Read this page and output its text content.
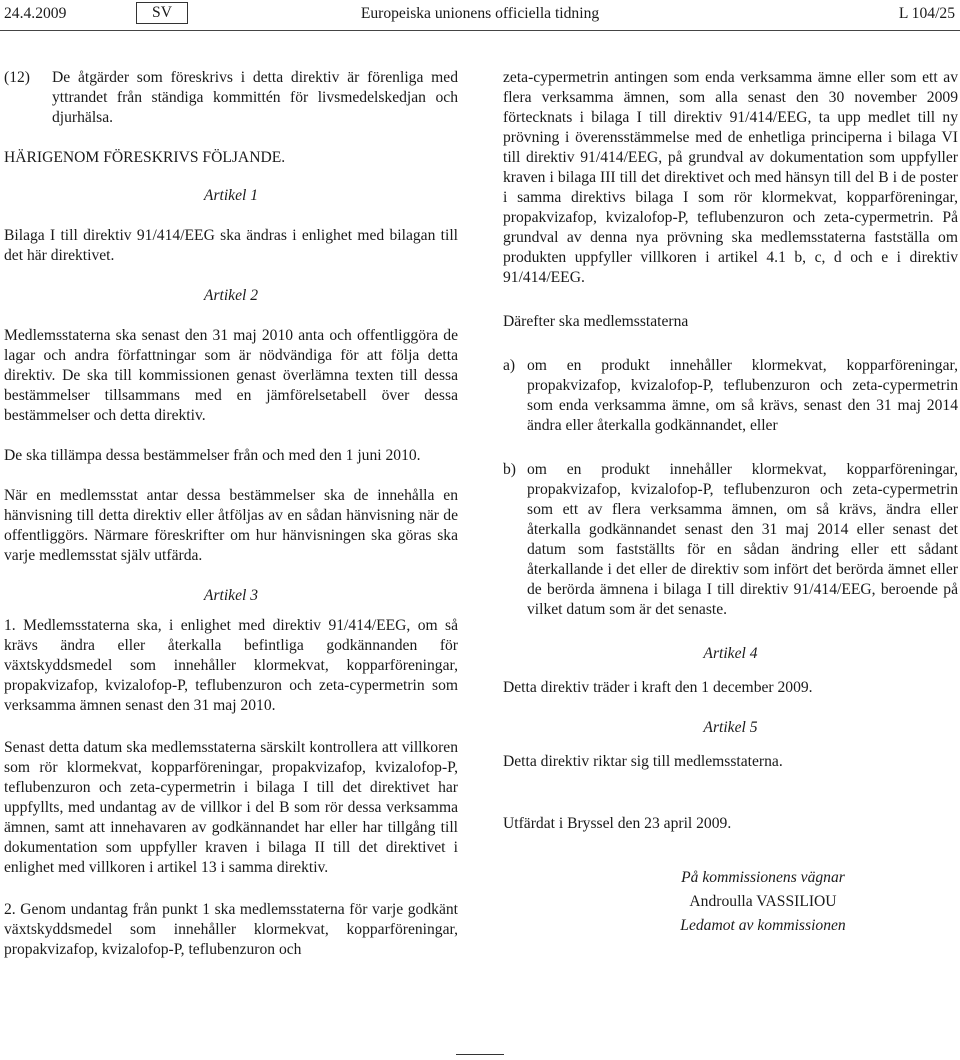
24.4.2009	SV	Europeiska unionens officiella tidning	L 104/25
(12) De åtgärder som föreskrivs i detta direktiv är förenliga med yttrandet från ständiga kommittén för livsmedelskedjan och djurhälsa.

HÄRIGENOM FÖRESKRIVS FÖLJANDE.

Artikel 1

Bilaga I till direktiv 91/414/EEG ska ändras i enlighet med bilagan till det här direktivet.

Artikel 2

Medlemsstaterna ska senast den 31 maj 2010 anta och offentliggöra de lagar och andra författningar som är nödvändiga för att följa detta direktiv. De ska till kommissionen genast överlämna texten till dessa bestämmelser tillsammans med en jämförelsetabell över dessa bestämmelser och detta direktiv.

De ska tillämpa dessa bestämmelser från och med den 1 juni 2010.

När en medlemsstat antar dessa bestämmelser ska de innehålla en hänvisning till detta direktiv eller åtföljas av en sådan hänvisning när de offentliggörs. Närmare föreskrifter om hur hänvisningen ska göras ska varje medlemsstat själv utfärda.

Artikel 3

1. Medlemsstaterna ska, i enlighet med direktiv 91/414/EEG, om så krävs ändra eller återkalla befintliga godkännanden för växtskyddsmedel som innehåller klormekvat, kopparföreningar, propakvizafop, kvizalofop-P, teflubenzuron och zeta-cypermetrin som verksamma ämnen senast den 31 maj 2010.

Senast detta datum ska medlemsstaterna särskilt kontrollera att villkoren som rör klormekvat, kopparföreningar, propakvizafop, kvizalofop-P, teflubenzuron och zeta-cypermetrin i bilaga I till det direktivet har uppfyllts, med undantag av de villkor i del B som rör dessa verksamma ämnen, samt att innehavaren av godkännandet har eller har tillgång till dokumentation som uppfyller kraven i bilaga II till det direktivet i enlighet med villkoren i artikel 13 i samma direktiv.

2. Genom undantag från punkt 1 ska medlemsstaterna för varje godkänt växtskyddsmedel som innehåller klormekvat, kopparföreningar, propakvizafop, kvizalofop-P, teflubenzuron och

zeta-cypermetrin antingen som enda verksamma ämne eller som ett av flera verksamma ämnen, som alla senast den 30 november 2009 förtecknats i bilaga I till direktiv 91/414/EEG, ta upp medlet till ny prövning i överensstämmelse med de enhetliga principerna i bilaga VI till direktiv 91/414/EEG, på grundval av dokumentation som uppfyller kraven i bilaga III till det direktivet och med hänsyn till del B i de poster i samma direktivs bilaga I som rör klormekvat, kopparföreningar, propakvizafop, kvizalofop-P, teflubenzuron och zeta-cypermetrin. På grundval av denna nya prövning ska medlemsstaterna fastställa om produkten uppfyller villkoren i artikel 4.1 b, c, d och e i direktiv 91/414/EEG.

Därefter ska medlemsstaterna

a) om en produkt innehåller klormekvat, kopparföreningar, propakvizafop, kvizalofop-P, teflubenzuron och zeta-cypermetrin som enda verksamma ämne, om så krävs, senast den 31 maj 2014 ändra eller återkalla godkännandet, eller
b) om en produkt innehåller klormekvat, kopparföreningar, propakvizafop, kvizalofop-P, teflubenzuron och zeta-cypermetrin som ett av flera verksamma ämnen, om så krävs, ändra eller återkalla godkännandet senast den 31 maj 2014 eller senast det datum som fastställts för en sådan ändring eller ett sådant återkallande i det eller de direktiv som infört det berörda ämnet eller de berörda ämnena i bilaga I till direktiv 91/414/EEG, beroende på vilket datum som är det senaste.

Artikel 4

Detta direktiv träder i kraft den 1 december 2009.

Artikel 5

Detta direktiv riktar sig till medlemsstaterna.

Utfärdat i Bryssel den 23 april 2009.

På kommissionens vägnar

Androulla VASSILIOU

Ledamot av kommissionen
